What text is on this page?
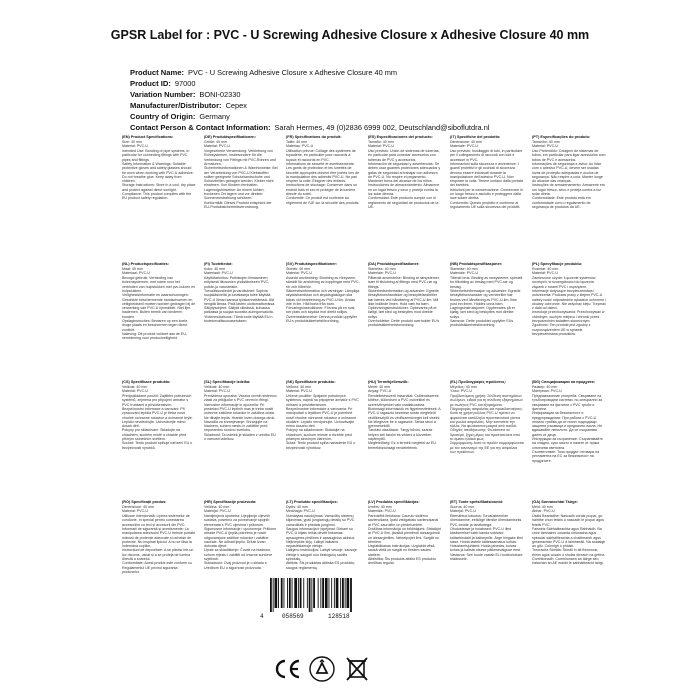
GPSR Label for : PVC - U Screwing Adhesive Closure x Adhesive Closure 40 mm
Product Name: PVC - U Screwing Adhesive Closure x Adhesive Closure 40 mm
Product ID: 97000
Variation Number: BONI-02330
Manufacturer/Distributor: Cepex
Country of Origin: Germany
Contact Person & Contact Information: Sarah Hermes, 49 (0)2836 6999 002, Deutschland@siboflutdra.nl
(EN) Product Specifications:
Size: 40 mm
Material: PVC-U
Intended Use: Bonding of pipe systems, in particular for connecting fittings with PVC pipes and fittings.
Safety Information & Warnings: Suitable protective gloves and safety glasses should be worn when working with PVC-U adhesive. Do not breathe glue. Keep away from children.
Storage Instructions: Store in a cool, dry place and protect against direct sunlight.
Compliance: This product complies with the EU product safety regulation.
(DE) Produktspezifikationen:
Größe: 40 mm
Material: PVC-U
Vorgesehene Verwendung: Verklebung von Rohrsystemen, insbesondere für die Verbindung von Fittings mit PVC-Rohren und Armaturen.
Sicherheitsinformationen & Warnhinweise: Bei der Verarbeitung von PVC-U Klebstoffen sollten geeignete Schutzhandschuhe und Schutzbrillen getragen werden. Kleber nicht einatmen. Von Kindern fernhalten.
Lagerungshinweise: An einem kühlen, trockenen Ort lagern und vor direkter Sonneneinstrahlung schützen.
Konformität: Dieses Produkt entspricht der EU-Produktsicherheitsverordnung.
(FR) Spécifications du produit:
Taille: 40 mm
Matériau: PVC-U
Utilisation prévue: Collage des systèmes de tuyauterie, en particulier pour raccords à tuyaux et raccords en PVC.
Informations de sécurité et avertissements: Les gants de protection et les lunettes de sécurité appropriés doivent être portés lors de la manipulation des adhésifs PVC-U. Ne pas respirer la colle. Éloigner des enfants.
Instructions de stockage: Conserver dans un endroit frais et sec et protéger de la lumière directe du soleil.
Conformité: Ce produit est conforme au règlement de l'UE sur la sécurité des produits.
(ES) Especificaciones del producto:
Tamaño: 40 mm
Material: PVC-U
Uso previsto: Unión de sistemas de tuberías, en particular para conectar accesorios con tuberías de PVC y accesorios.
Información de seguridad y advertencias: Se deben usar guantes protectores adecuados y gafas de seguridad al trabajar con adhesivo de PVC-U. No respire el pegamento. Mantener fuera del alcance de los niños.
Instrucciones de almacenamiento: Almacene en un lugar fresco y seco y proteja contra la luz solar directa.
Conformidad: Este producto cumple con el reglamento de seguridad de productos de la UE.
(IT) Specifiche del prodotto:
Dimensione: 40 mm
Materiale: PVC-U
Uso previsto: Incollaggio di tubi, in particolare per il collegamento di raccordi con tubi e accessori in PVC.
Informazioni sulla sicurezza e avvertenze: I guanti protettivi e gli occhiali di sicurezza devono essere indossati durante la manipolazione dell'adesivo PVC-U. Non respirare la colla. Tenere lontano dalla portata dei bambini.
Istruzioni per la conservazione: Conservare in un luogo fresco e asciutto e proteggere dalla luce solare diretta.
Conformità: Questo prodotto è conforme al regolamento UE sulla sicurezza dei prodotti.
(PT) Especificações do produto:
Tamanho: 40 mm
Material: PVC-U
Uso Pretendido: Colagem de sistemas de tubos, em particular para ligar acessórios com tubos de PVC e acessórios.
Informações de segurança e aviso: Ao lidar com o adesivo PVC-U, devem ser usadas luvas de proteção adequadas e óculos de segurança. Não respire a cola. Manter longe do alcance das crianças.
Instruções de armazenamento: Armazene em um lugar fresco, seco e proteja contra a luz solar direta.
Conformidade: Este produto está em conformidade com o regulamento de segurança de produtos da UE.
(NL) Productspecificaties:
Maat: 40 mm
Materiaal: PVC-U
Beoogd gebruik: Verbinding van buizensystemen, met name voor het verbinden van hulpstukken met pvc-buizen en hulpstukken.
Veiligheidsinformatie en waarschuwingen: Geschikte beschermende handschoenen en veiligheidsbril moeten worden gedragen bij de verwerking van PVC-U lijmmiddel. Niet lijm inademen. Buiten bereik van kinderen houden.
Opslaginstructies: Bewaren op een koele, droge plaats en beschermen tegen direct zonlicht.
Naleving: Dit product voldoet aan de EU-verordening voor productveiligheid.
(FI) Tuotetiedot:
Koko: 40 mm
Materiaali: PVC-U
Käyttötarkoitus: Putkistojen liimaaminen, erityisesti liitososien yhdistämiseen PVC-putkiin ja varusteisiin.
Turvallisuustiedot ja varoitukset: Sopivia suojakäsineitä ja turvalaseja tulee käyttää PVC-U liiman kanssa työskenneltäessä. Älä hengitä liimaa. Pidä lasten ulottumattomissa.
Säilytysohjeet: Säilytä viileässä, kuivassa paikassa ja suojaa suoralta auringonvalolta.
Yhdenmukaisuus: Tämä tuote täyttää EU:n tuoteturvallisuusasetuksen.
(SV) Produktspecifikationer:
Storlek: 40 mm
Material: PVC-U
Avsedd användning: Bindning av rörsystem, särskilt för anslutning av kopplingar med PVC-rör och tillbehör.
Säkerhetsinformation och varningar: Lämpliga skyddshandskar och skyddsglasögon ska bäras vid bearbetning av PVC-U lim. Andas inte in lim. Håll borta från barn.
Förvaringsinstruktioner: Förvara på en sval, torr plats och skydda mot direkt solljus.
Överensstämmelse: Denna produkt uppfyller EU:s produktsäkerhetsförordning.
(DA) Produktspecifikationer:
Størrelse: 40 mm
Materiale: PVC-U
Påtænkt anvendelse: Binding af rørsystemer, især til tilslutning af fittings med PVC-rør og fittings.
Sikkerhedsinformation og advarsler: Egnede beskyttelseshandsker og beskyttelsesbriller bør bæres ved håndtering af PVC-U-lim. Må ikke indånde limen. Hold væk fra børn.
Opbevaringsinstruktioner: Opbevares på et køligt, tørt sted og beskyttes mod direkte sollys.
Overholdelse: Dette produkt overholder EU's produktsikkerhedsforordning.
(NB) Produktspesifikasjoner:
Størrelse: 40 mm
Materiale: PVC-U
Tiltenkt bruk: Binding av rørsystemer, spesielt for tilkobling av beslag med PVC-rør og beslag.
Sikkerhetsinformasjon og advarsler: Egnede beskyttelseshansker og vernebriller bør brukes ved håndtering av PVC-U-lim. Ikke pust inn limen. Holdes unna barn.
Lagringsinstruksjoner: Oppbevares på et kjølig, tørt sted og beskyttes mot direkte sollys.
Samsvar: Dette produktet oppfyller EUs produktsikkerhetsforordning.
(PL) Specyfikacje produktu:
Rozmiar: 40 mm
Materiał: PVC-U
Zamierzone użycie: Łączenie systemów rurowych, w szczególności do łączenia złączek z rurami PVC i osprzętem.
Informacje dotyczące bezpieczeństwa i ostrzeżenia: Podczas pracy z klejem PVC-U należy nosić odpowiednie rękawice ochronne i okulary ochronne. Nie wdychać kleju. Trzymać z dala od dzieci.
Instrukcje przechowywania: Przechowywać w chłodnym, suchym miejscu i chronić przed bezpośrednim światłem słonecznym.
Zgodność: Ten produkt jest zgodny z rozporządzeniem UE w sprawie bezpieczeństwa produktów.
(CS) Specifikace produktu:
Velikost: 40 mm
Materiál: PVC-U
Předpokládané použití: Zajištění potrubních systémů, zejména pro připojení armatur s PVC trubkami a příslušenstvím.
Bezpečnostní informace a varování: Při zpracování lepidla PVC-U je třeba nosit vhodné ochranné rukavice a ochranné brýle. Lepidlo nevdechujte. Uchovávejte mimo dosah dětí.
Pokyny pro skladování: Skladujte na chladném, suchém místě a chraňte před přímým slunečním světlem.
Soulad: Tento produkt splňuje nařízení EU o bezpečnosti výrobků.
(SL) Specifikacije izdelka:
Velikost: 40 mm
Material: PVC-U
Predvidena uporaba: Vezava cevnih sistemov, zlasti za priključke s PVC cevmi in fitingi.
Varnostne informacije in opozorila: Pri predelavi PVC-U lepilnih mas je treba nositi ustrezne zaščitne rokavice in zaščitna očala. Ne dihajte lepila. Hranite izven dosega otrok.
Navodila za shranjevanje: Shranjujte na hladnem, suhem mestu in zaščitite pred neposredno sončno svetlobo.
Skladnost: Ta izdelek je skladen z uredbo EU o varnosti izdelkov.
(SK) Špecifikácie produktu:
Veľkosť: 40 mm
Materiál: PVC-U
Určené použitie: Spájanie potrubných systémov, najmä na pripojenie armatúr s PVC rúrkami a príslušenstvom.
Bezpečnostné informácie a varovania: Pri manipulácii s lepidlom PVC-U je potrebné nosiť vhodné ochranné rukavice a ochranné okuliare. Lepidlo nevdychujte. Uchovávajte mimo dosahu detí.
Pokyny na skladovanie: Skladujte na chladnom, suchom mieste a chráňte pred priamym slnečným žiarením.
Súlad: Tento produkt spĺňa nariadenie EÚ o bezpečnosti výrobkov.
(HU) Termékjellemzők:
Méret: 40 mm
Anyag: PVC-U
Rendeltetésszerű használat: Csőrendszerek kötése, különösen a PVC csövekkel és szerelvényekkel való csatlakozásra.
Biztonsági információk és figyelmeztetések: A PVC-U ragasztó kezelése során megfelelő védőkesztyűt és védőszemüveget kell viselni. Ne lélegezze be a ragasztót. Tartsa távol a gyermekektől.
Tárolási utasítások: Tárgy hűvös, száraz helyen kell tárolni és védeni a közvetlen napfénytől.
Megfelelőség: Ez a termék megfelel az EU termékbiztonsági rendeletének.
(EL) Προδιαγραφές προϊόντος:
Μέγεθος: 40 mm
Υλικό: PVC-U
Προβλεπόμενη χρήση: Σύνδεση συστημάτων σωλήνων, ειδικά για τη σύνδεση εξαρτημάτων με σωλήνες PVC και εξαρτήματα.
Πληροφορίες ασφαλείας και προειδοποιήσεις: Κατά τη χρήση κόλλας PVC-U πρέπει να φοριούνται κατάλληλα προστατευτικά γάντια και γυαλιά ασφαλείας. Μην εισπνέετε την κόλλα. Να φυλάσσεται μακριά από παιδιά.
Οδηγίες αποθήκευσης: Φυλάσσετε σε δροσερό, ξηρό μέρος και προστατεύετε από το άμεσο ηλιακό φως.
Συμμόρφωση: Αυτό το προϊόν συμμορφώνεται με τον κανονισμό της ΕΕ για την ασφάλεια των προϊόντων.
(BG) Спецификации на продукта:
Размер: 40 mm
Материал: PVC-U
Предназначение употреба: Свързване на тръбопроводни системи, по-специално за свързване на фитинги с PVC тръби и фитинги.
Информация за безопасност и предупреждения: При работа с PVC-U лепило трябва да се носят подходящи защитни ръкавици и предпазни очила. Не вдишвайте лепилото. Да се съхранява далеч от деца.
Инструкции за съхранение: Съхранявайте на хладно, сухо място и пазете от пряка слънчева светлина.
Съответствие: Този продукт отговаря на регламента на ЕС за безопасност на продуктите.
(RO) Specificații produs:
Dimensiune: 40 mm
Material: PVC-U
Utilizare intenționată: Lipirea sistemelor de conducte, în special pentru conectarea accesoriilor cu țevi și accesorii din PVC.
Informații de siguranță și avertismente: La manipularea adezivului PVC-U trebuie purtate mănuși de protecție adecvate și ochelari de protecție. Nu inspirați lipiciul. A nu se lăsa la îndemâna copiilor.
Instrucțiuni de depozitare: A se păstra într-un loc răcoros, uscat și a se proteja de lumina directă a soarelui.
Conformitate: Acest produs este conform cu Regulamentul UE privind siguranța produselor.
(HR) Specifikacije proizvoda:
Veličina: 40 mm
Materijal: PVC-U
Namijenjena upotreba: Lijepljenje cijevnih sustava, posebno za povezivanje spojnih elemenata s PVC cijevima i priborom.
Sigurnosne informacije i upozorenja: Prilikom obrade PVC-U ljepila potrebno je nositi odgovarajuće zaštitne rukavice i zaštitne naočale. Ne udisati ljepilo. Držati izvan dohvata djece.
Upute za skladištenje: Čuvati na hladnom, suhom mjestu i zaštititi od izravne sunčeve svjetlosti.
Sukladnost: Ovaj proizvod je u skladu s Uredbom EU o sigurnosti proizvoda.
(LT) Produkto specifikacijos:
Dydis: 40 mm
Medžiaga: PVC-U
Numatytas naudojimas: Vamzdžių sistemų klijavimas, ypač jungiamųjų detalių su PVC vamzdžiais ir priedais jungimui.
Saugos informacija ir įspėjimai: Dirbant su PVC-U klijais reikia dėvėti tinkamas apsaugines pirštines ir apsauginius akinius. Neįkvėpkite klijų. Laikyti vaikams nepasiekiamoje vietoje.
Laikymo instrukcijos: Laikyti vėsioje, sausoje vietoje ir saugoti nuo tiesioginių saulės spindulių.
Atitiktis: Šis produktas atitinka ES produktų saugos reglamentą.
(LV) Produkta specifikācijas:
Izmērs: 40 mm
Materiāls: PVC-U
Paredzētā lietošana: Cauruļu sistēmu savienošana, īpaši veidgabalu savienošanai ar PVC caurulēm un piederumiem.
Drošības informācija un brīdinājumi: Strādājot ar PVC-U līmi, jāvalkā piemēroti aizsargcimdi un aizsargbrilles. Neieelpojiet līmi. Sargāt no bērniem.
Uzglabāšanas instrukcijas: Uzglabāt vēsā, sausā vietā un sargāt no tiešiem saules stariem.
Atbilstība: Šis produkts atbilst ES produktu drošības regulai.
(ET) Toote spetsifikatsioonid:
Suurus: 40 mm
Materjal: PVC-U
Ettenähtud kasutus: Torusüsteemide ühendamine, eelkõige liitmike ühendamiseks PVC-torude ja tarvikutega.
Ohutusteave ja hoiatused: PVC-U liimi käsitsemisel tuleb kanda sobivaid kaitsekindaid ja kaitseprille. Ärge hingake liimi sisse. Hoida lastele kättesaamatus kohas.
Hoiustamisjuhised: Hoida jahedas, kuivas kohas ja kaitsta otsese päikesevalguse eest.
Vastavus: See toode vastab ELi tooteohutuse määrusele.
(GA) Sonraíochtaí Táirge:
Méid: 40 mm
Ábhar: PVC-U
Úsáid Beartaithe: Nascadh córais píopaí, go háirithe chun feistis a nascadh le píopaí agus feistis PVC.
Faisnéis Sábháilteachta agus Rabhaidh: Ba chóir lámhainní cosanta oiriúnacha agus spéaclaí sábháilteachta a chaitheamh agus greamachán PVC-U á láimhseáil. Ná análaigh an gliú. Coinnigh ó pháistí.
Treoracha Stórála: Stóráil in áit fhionnuar, thirim agus cosain ó sholas díreach na gréine.
Comhlíonadh: Comhlíonann an táirge seo rialachán an AE maidir le sábháilteacht táirgí.
4	058569	128518
